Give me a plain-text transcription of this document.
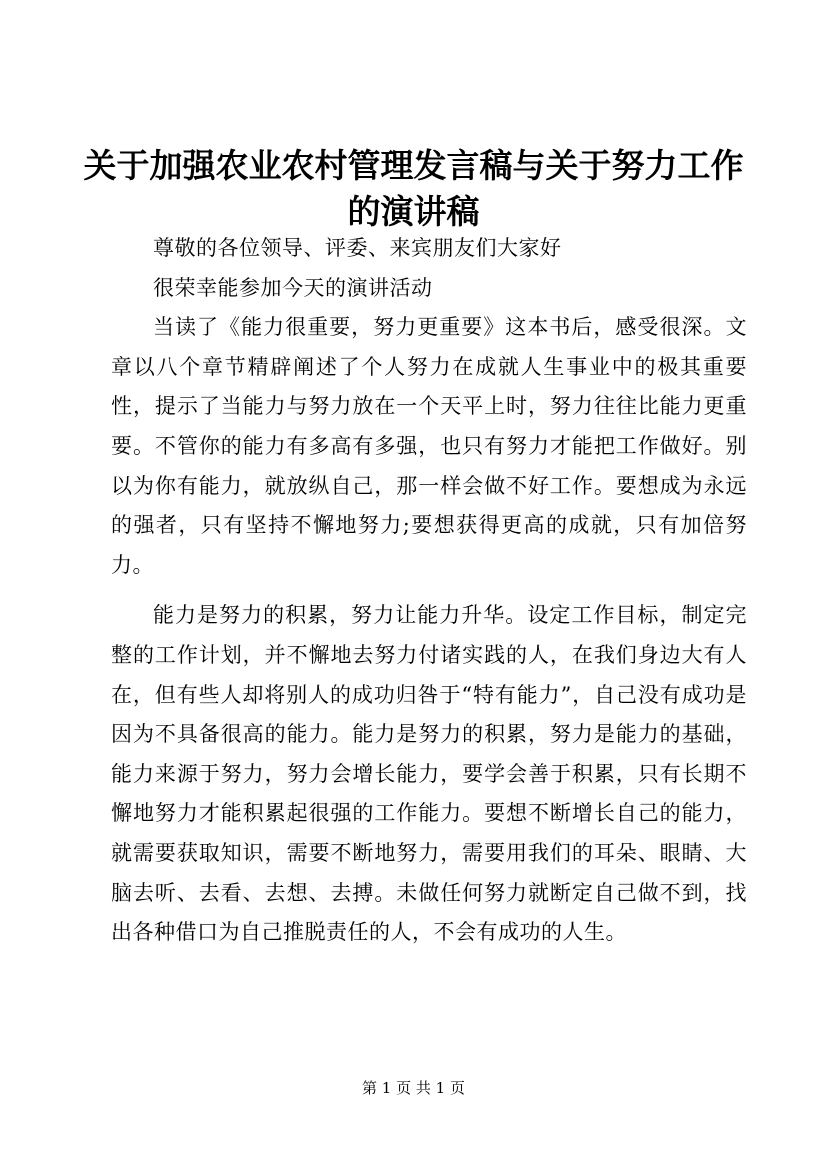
关于加强农业农村管理发言稿与关于努力工作
的演讲稿

尊敬的各位领导、评委、来宾朋友们大家好

很荣幸能参加今天的演讲活动

当读了《能力很重要，努力更重要》这本书后，感受很深。文章以八个章节精辟阐述了个人努力在成就人生事业中的极其重要性，提示了当能力与努力放在一个天平上时，努力往往比能力更重要。不管你的能力有多高有多强，也只有努力才能把工作做好。别以为你有能力，就放纵自己，那一样会做不好工作。要想成为永远的强者，只有坚持不懈地努力;要想获得更高的成就，只有加倍努力。

能力是努力的积累，努力让能力升华。设定工作目标，制定完整的工作计划，并不懈地去努力付诸实践的人，在我们身边大有人在，但有些人却将别人的成功归咎于“特有能力”，自己没有成功是因为不具备很高的能力。能力是努力的积累，努力是能力的基础，能力来源于努力，努力会增长能力，要学会善于积累，只有长期不懈地努力才能积累起很强的工作能力。要想不断增长自己的能力，就需要获取知识，需要不断地努力，需要用我们的耳朵、眼睛、大脑去听、去看、去想、去搏。未做任何努力就断定自己做不到，找出各种借口为自己推脱责任的人，不会有成功的人生。

第 1 页 共 1 页
